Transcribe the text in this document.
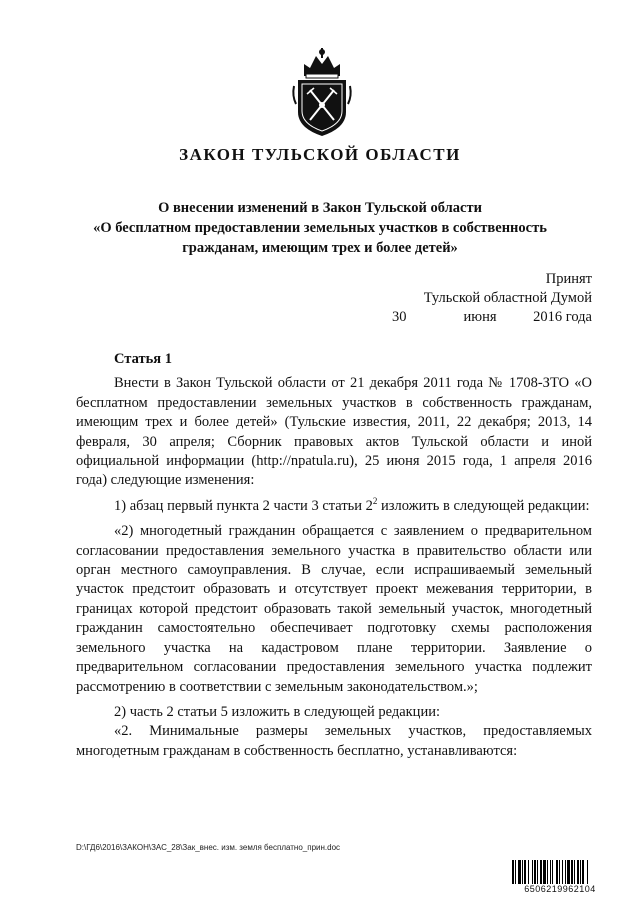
ЗАКОН ТУЛЬСКОЙ ОБЛАСТИ
О внесении изменений в Закон Тульской области
«О бесплатном предоставлении земельных участков в собственность
гражданам, имеющим трех и более детей»
Принят
Тульской областной Думой
30	июня	2016 года
Статья 1

Внести в Закон Тульской области от 21 декабря 2011 года № 1708-ЗТО «О бесплатном предоставлении земельных участков в собственность гражданам, имеющим трех и более детей» (Тульские известия, 2011, 22 декабря; 2013, 14 февраля, 30 апреля; Сборник правовых актов Тульской области и иной официальной информации (http://npatula.ru), 25 июня 2015 года, 1 апреля 2016 года) следующие изменения:

1) абзац первый пункта 2 части 3 статьи $2^2$ изложить в следующей редакции:

«2) многодетный гражданин обращается с заявлением о предварительном согласовании предоставления земельного участка в правительство области или орган местного самоуправления. В случае, если испрашиваемый земельный участок предстоит образовать и отсутствует проект межевания территории, в границах которой предстоит образовать такой земельный участок, многодетный гражданин самостоятельно обеспечивает подготовку схемы расположения земельного участка на кадастровом плане территории. Заявление о предварительном согласовании предоставления земельного участка подлежит рассмотрению в соответствии с земельным законодательством.»;

2) часть 2 статьи 5 изложить в следующей редакции:

«2. Минимальные размеры земельных участков, предоставляемых многодетным гражданам в собственность бесплатно, устанавливаются:

D:\ГД6\2016\ЗАКОН\ЗАС_28\Зак_внес. изм. земля бесплатно_прин.doc
6506219962104
